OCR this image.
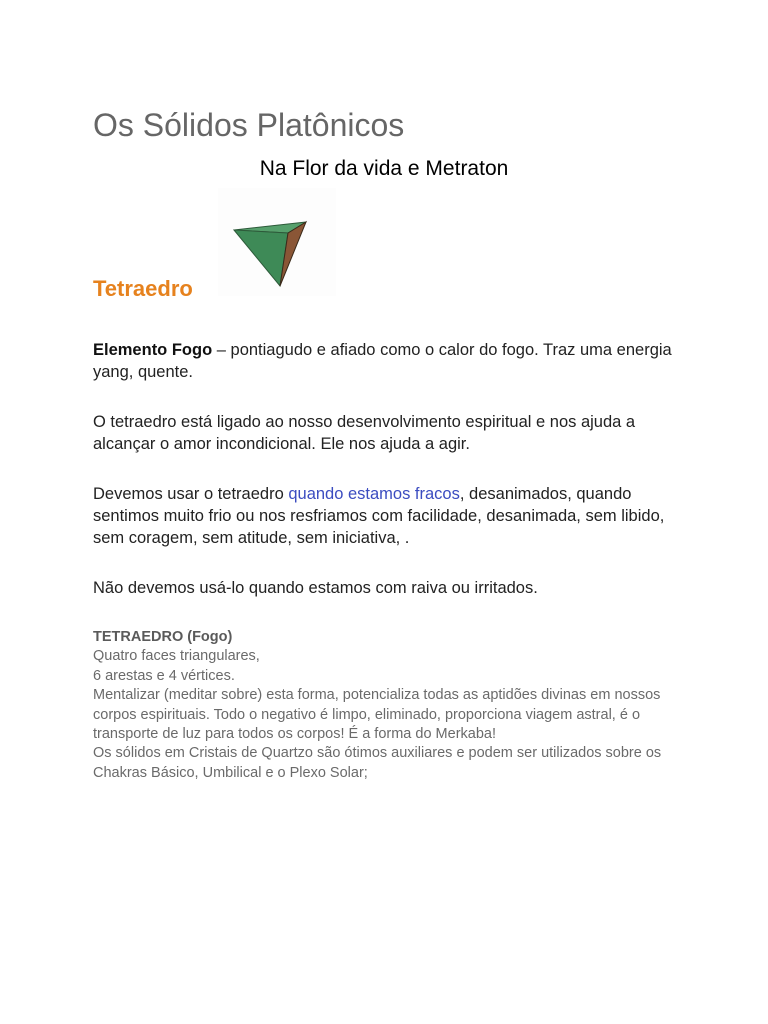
Os Sólidos Platônicos
Na Flor da vida e Metraton
Tetraedro

Elemento Fogo – pontiagudo e afiado como o calor do fogo. Traz uma energia yang, quente.

O tetraedro está ligado ao nosso desenvolvimento espiritual e nos ajuda a alcançar o amor incondicional. Ele nos ajuda a agir.

Devemos usar o tetraedro quando estamos fracos, desanimados, quando sentimos muito frio ou nos resfriamos com facilidade, desanimada, sem libido, sem coragem, sem atitude, sem iniciativa, .

Não devemos usá-lo quando estamos com raiva ou irritados.

TETRAEDRO (Fogo)
Quatro faces triangulares,
6 arestas e 4 vértices.
Mentalizar (meditar sobre) esta forma, potencializa todas as aptidões divinas em nossos corpos espirituais. Todo o negativo é limpo, eliminado, proporciona viagem astral, é o transporte de luz para todos os corpos! É a forma do Merkaba!
Os sólidos em Cristais de Quartzo são ótimos auxiliares e podem ser utilizados sobre os Chakras Básico, Umbilical e o Plexo Solar;
